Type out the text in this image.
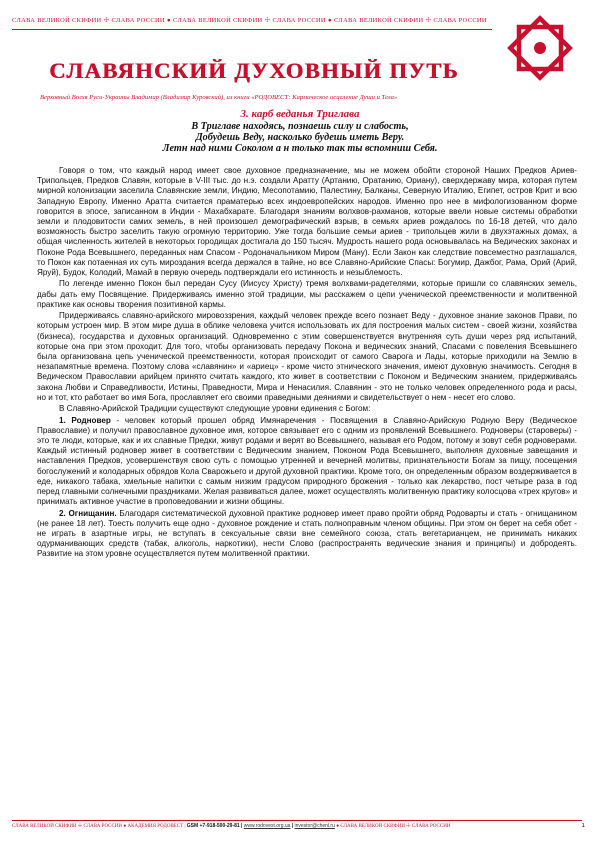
СЛАВА ВЕЛИКОЙ СКИФИИ ☩ СЛАВА РОССИИ ● СЛАВА ВЕЛИКОЙ СКИФИИ ☩ СЛАВА РОССИИ ● СЛАВА ВЕЛИКОЙ СКИФИИ ☩ СЛАВА РОССИИ
СЛАВЯНСКИЙ ДУХОВНЫЙ ПУТЬ
Верховный Волхв Руси-Украины Владимир (Владимир Куровский), из книги «РОДОВЕСТ: Кармическое исцеление Души и Тела»
3. карб веданья Триглава
В Триглаве находясь, познаешь силу и слабость,
Добудешь Веду, насколько будешь иметь Веру.
Летн над ними Соколом а н только так ты вспомниш Себя.

Говоря о том, что каждый народ имеет свое духовное предназначение, мы не можем обойти стороной Наших Предков Ариев-Трипольцев, Предков Славян, которые в V-III тыс. до н.э. создали Аратту (Артанию, Оратанию, Ориану), сверхдержаву мира, которая путем мирной колонизации заселила Славянские земли, Индию, Месопотамию, Палестину, Балканы, Северную Италию, Египет, остров Крит и всю Западную Европу. Именно Аратта считается праматерью всех индоевропейских народов. Именно про нее в мифологизованном форме говорится в эпосе, записанном в Индии - Махабхарате. Благодаря знаниям волхвов-рахманов, которые ввели новые системы обработки земли и плодовитости самих земель, в ней произошел демографический взрыв, в семьях ариев рождалось по 16-18 детей, что дало возможность быстро заселить такую огромную территорию. Уже тогда большие семьи ариев - трипольцев жили в двухэтажных домах, а общая численность жителей в некоторых городищах достигала до 150 тысяч. Мудрость нашего рода основывалась на Ведических законах и Поконе Рода Всевышнего, переданных нам Спасом - Родоначальником Миром (Ману). Если Закон как следствие повсеместно разглашался, то Покон как потаенная их суть мироздания всегда держался в тайне, но все Славяно-Арийские Спасы: Богумир, Дажбог, Рама, Орий (Арий, Яруй), Будок, Колодий, Мамай в первую очередь подтверждали его истинность и незыблемость.

По легенде именно Покон был передан Сусу (Иисусу Христу) тремя волхвами-радетелями, которые пришли со славянских земель, дабы дать ему Посвящение. Придерживаясь именно этой традиции, мы расскажем о цепи ученической преемственности и молитвенной практике как основы творения позитивной кармы.

Придерживаясь славяно-арийского мировоззрения, каждый человек прежде всего познает Веду - духовное знание законов Прави, по которым устроен мир. В этом мире душа в облике человека учится использовать их для построения малых систем - своей жизни, хозяйства (бизнеса), государства и духовных организаций. Одновременно с этим совершенствуется внутренняя суть души через ряд испытаний, которые она при этом проходит. Для того, чтобы организовать передачу Покона и ведических знаний, Спасами с повеления Всевышнего была организована цепь ученической преемственности, которая происходит от самого Сварога и Лады, которые приходили на Землю в незапамятные времена. Поэтому слова «славянин» и «ариец» - кроме чисто этнического значения, имеют духовную значимость. Сегодня в Ведическом Православии арийцем принято считать каждого, кто живет в соответствии с Поконом и Ведическим знанием, придерживаясь закона Любви и Справедливости, Истины, Праведности, Мира и Ненасилия. Славянин - это не только человек определенного рода и расы, но и тот, кто работает во имя Бога, прославляет его своими праведными деяниями и свидетельствует о нем - несет его слово.

В Славяно-Арийской Традиции существуют следующие уровни единения с Богом:

1. Родновер - человек который прошел обряд Имянаречения - Посвящения в Славяно-Арийскую Родную Веру (Ведическое Православие) и получил православное духовное имя, которое связывает его с одним из проявлений Всевышнего. Родноверы (староверы) - это те люди, которые, как и их славные Предки, живут родами и верят во Всевышнего, называя его Родом, потому и зовут себя родноверами. Каждый истинный родновер живет в соответствии с Ведическим знанием, Поконом Рода Всевышнего, выполняя духовные завещания и наставления Предков, усовершенствуя свою суть с помощью утренней и вечерней молитвы, признательности Богам за пищу, посещения богослужений и колодарных обрядов Кола Сварожьего и другой духовной практики. Кроме того, он определенным образом воздерживается в еде, никакого табака, хмельные напитки с самым низким градусом природного брожения - только как лекарство, пост четыре раза в год перед главными солнечными праздниками. Желая развиваться далее, может осуществлять молитвенную практику колосцова «трех кругов» и принимать активное участие в проповедовании и жизни общины.

2. Огнищанин. Благодаря систематической духовной практике родновер имеет право пройти обряд Родоварты и стать - огнищанином (не ранее 18 лет). Тоесть получить еще одно - духовное рождение и стать полноправным членом общины. При этом он берет на себя обет - не играть в азартные игры, не вступать в сексуальные связи вне семейного союза, стать вегетарианцем, не принимать никаких одурманивающих средств (табак, алкоголь, наркотики), нести Слово (распространять ведические знания и принципы) и добродеять. Развитие на этом уровне осуществляется путем молитвенной практики.

СЛАВА ВЕЛИКОЙ СКИФИИ ☩ СЛАВА РОССИИ ● АКАДЕМИЯ РОДОВЕСТ | GSM +7-918-500-29-81 | www.rodovest.org.ua | investor@chenl.ru ● СЛАВА ВЕЛИКОЙ СКИФИИ ☩ СЛАВА РОССИИ	1
